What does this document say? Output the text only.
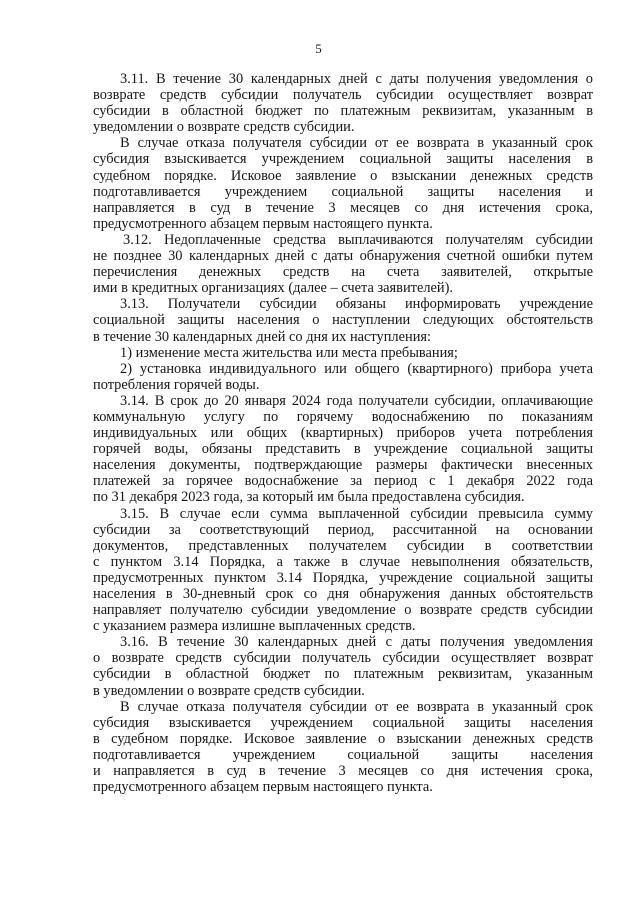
5
3.11. В течение 30 календарных дней с даты получения уведомления о
возврате средств субсидии получатель субсидии осуществляет возврат
субсидии в областной бюджет по платежным реквизитам, указанным в
уведомлении о возврате средств субсидии.
В случае отказа получателя субсидии от ее возврата в указанный срок
субсидия взыскивается учреждением социальной защиты населения в
судебном порядке. Исковое заявление о взыскании денежных средств
подготавливается учреждением социальной защиты населения и
направляется в суд в течение 3 месяцев со дня истечения срока,
предусмотренного абзацем первым настоящего пункта.
3.12. Недоплаченные средства выплачиваются получателям субсидии
не позднее 30 календарных дней с даты обнаружения счетной ошибки путем
перечисления денежных средств на счета заявителей, открытые
ими в кредитных организациях (далее – счета заявителей).
3.13. Получатели субсидии обязаны информировать учреждение
социальной защиты населения о наступлении следующих обстоятельств
в течение 30 календарных дней со дня их наступления:
1) изменение места жительства или места пребывания;
2) установка индивидуального или общего (квартирного) прибора учета
потребления горячей воды.
3.14. В срок до 20 января 2024 года получатели субсидии, оплачивающие
коммунальную услугу по горячему водоснабжению по показаниям
индивидуальных или общих (квартирных) приборов учета потребления
горячей воды, обязаны представить в учреждение социальной защиты
населения документы, подтверждающие размеры фактически внесенных
платежей за горячее водоснабжение за период с 1 декабря 2022 года
по 31 декабря 2023 года, за который им была предоставлена субсидия.
3.15. В случае если сумма выплаченной субсидии превысила сумму
субсидии за соответствующий период, рассчитанной на основании
документов, представленных получателем субсидии в соответствии
с пунктом 3.14 Порядка, а также в случае невыполнения обязательств,
предусмотренных пунктом 3.14 Порядка, учреждение социальной защиты
населения в 30-дневный срок со дня обнаружения данных обстоятельств
направляет получателю субсидии уведомление о возврате средств субсидии
с указанием размера излишне выплаченных средств.
3.16. В течение 30 календарных дней с даты получения уведомления
о возврате средств субсидии получатель субсидии осуществляет возврат
субсидии в областной бюджет по платежным реквизитам, указанным
в уведомлении о возврате средств субсидии.
В случае отказа получателя субсидии от ее возврата в указанный срок
субсидия взыскивается учреждением социальной защиты населения
в судебном порядке. Исковое заявление о взыскании денежных средств
подготавливается учреждением социальной защиты населения
и направляется в суд в течение 3 месяцев со дня истечения срока,
предусмотренного абзацем первым настоящего пункта.
